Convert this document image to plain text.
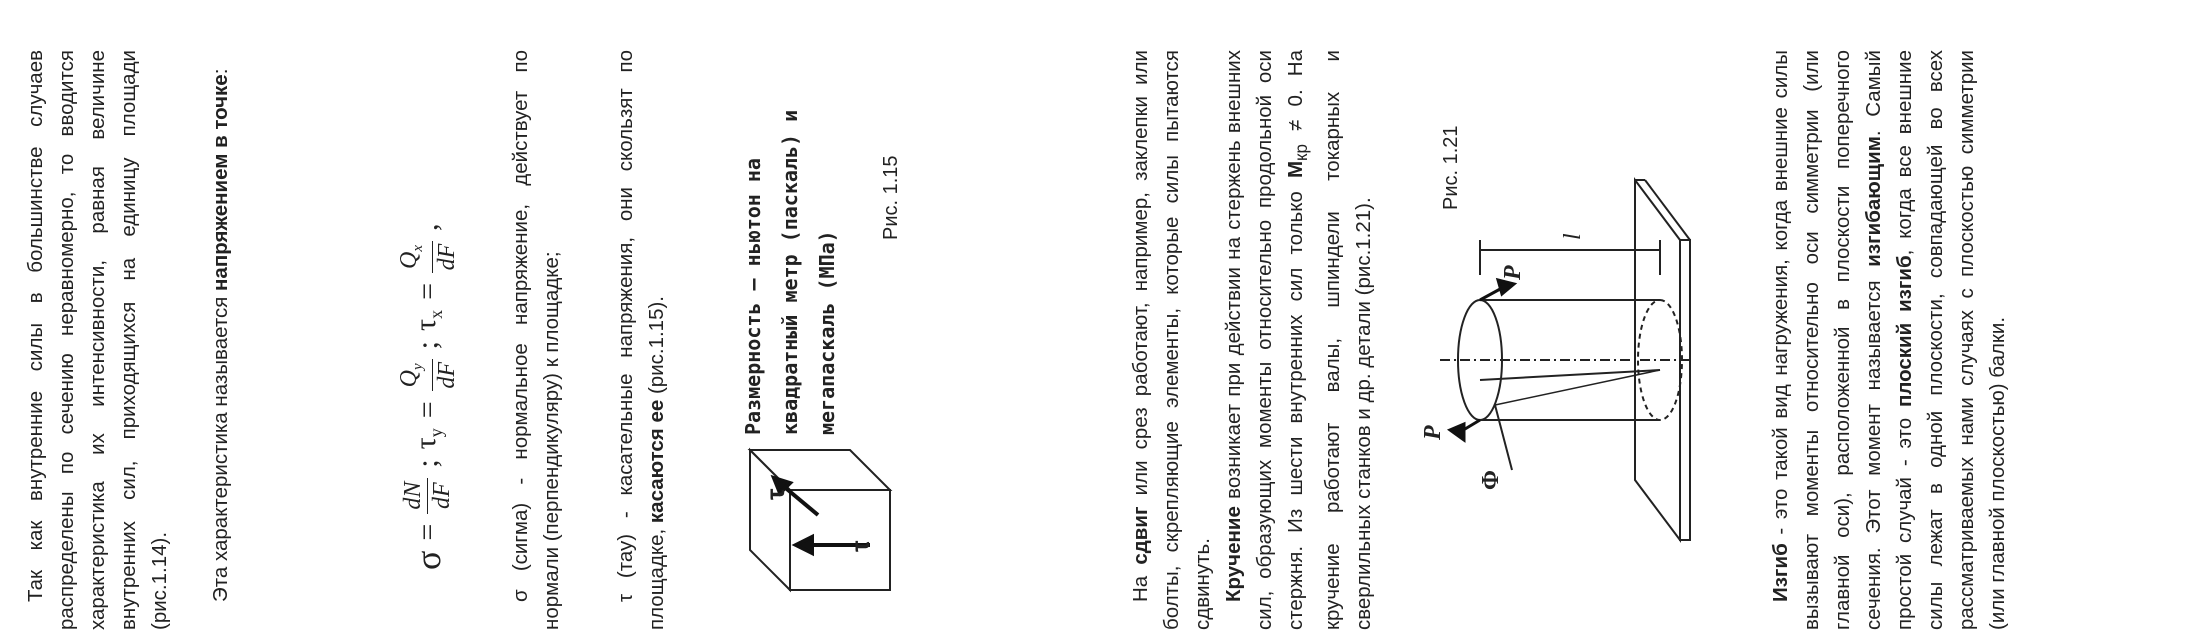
Так как внутренние силы в большинстве случаев распределены по сечению неравномерно, то вводится характеристика их интенсивности, равная величине внутренних сил, приходящихся на единицу площади (рис.1.14). Эта характеристика называется напряжением в точке:

σ
=
dN dF
;
$\tau_y$
=
$Q_y$ dF
;
$\tau_x$
=
$Q_x$ dF
,	σ (сигма) - нормальное напряжение, действует по нормали (перпендикуляру) к площадке; τ (тау) - касательные напряжения, они скользят по площадке, касаются ее (рис.1.15).

τ
τ
Размерность – ньютон на квадратный метр (паскаль) и мегапаскаль (МПа)
Рис. 1.15

На сдвиг или срез работают, например, заклепки или болты, скрепляющие элементы, которые силы пытаются сдвинуть. Кручение возникает при действии на стержень внешних сил, образующих моменты относительно продольной оси стержня. Из шести внутренних сил только $М_{кр} \ne 0$. На кручение работают валы, шпиндели токарных и сверлильных станков и др. детали (рис.1.21). P
P
Φ
l
Рис. 1.21

Изгиб - это такой вид нагружения, когда внешние силы вызывают моменты относительно оси симметрии (или главной оси), расположенной в плоскости поперечного сечения. Этот момент называется изгибающим. Самый простой случай - это плоский изгиб, когда все внешние силы лежат в одной плоскости, совпадающей во всех рассматриваемых нами случаях с плоскостью симметрии (или главной плоскостью) балки.
